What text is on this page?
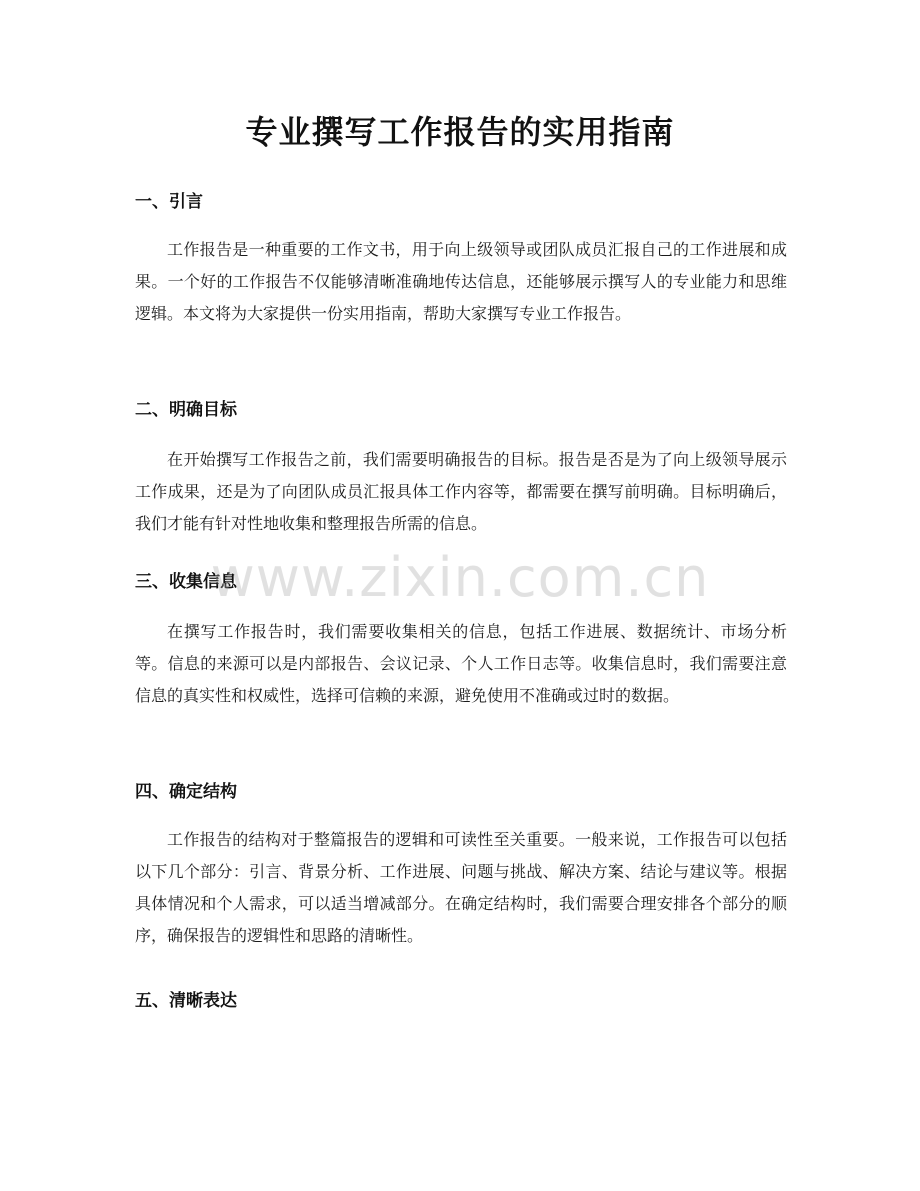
专业撰写工作报告的实用指南
一、引言

工作报告是一种重要的工作文书，用于向上级领导或团队成员汇报自己的工作进展和成果。一个好的工作报告不仅能够清晰准确地传达信息，还能够展示撰写人的专业能力和思维逻辑。本文将为大家提供一份实用指南，帮助大家撰写专业工作报告。

二、明确目标

在开始撰写工作报告之前，我们需要明确报告的目标。报告是否是为了向上级领导展示工作成果，还是为了向团队成员汇报具体工作内容等，都需要在撰写前明确。目标明确后，我们才能有针对性地收集和整理报告所需的信息。

三、收集信息

在撰写工作报告时，我们需要收集相关的信息，包括工作进展、数据统计、市场分析等。信息的来源可以是内部报告、会议记录、个人工作日志等。收集信息时，我们需要注意信息的真实性和权威性，选择可信赖的来源，避免使用不准确或过时的数据。

四、确定结构

工作报告的结构对于整篇报告的逻辑和可读性至关重要。一般来说，工作报告可以包括以下几个部分：引言、背景分析、工作进展、问题与挑战、解决方案、结论与建议等。根据具体情况和个人需求，可以适当增减部分。在确定结构时，我们需要合理安排各个部分的顺序，确保报告的逻辑性和思路的清晰性。

五、清晰表达
www.zixin.com.cn
